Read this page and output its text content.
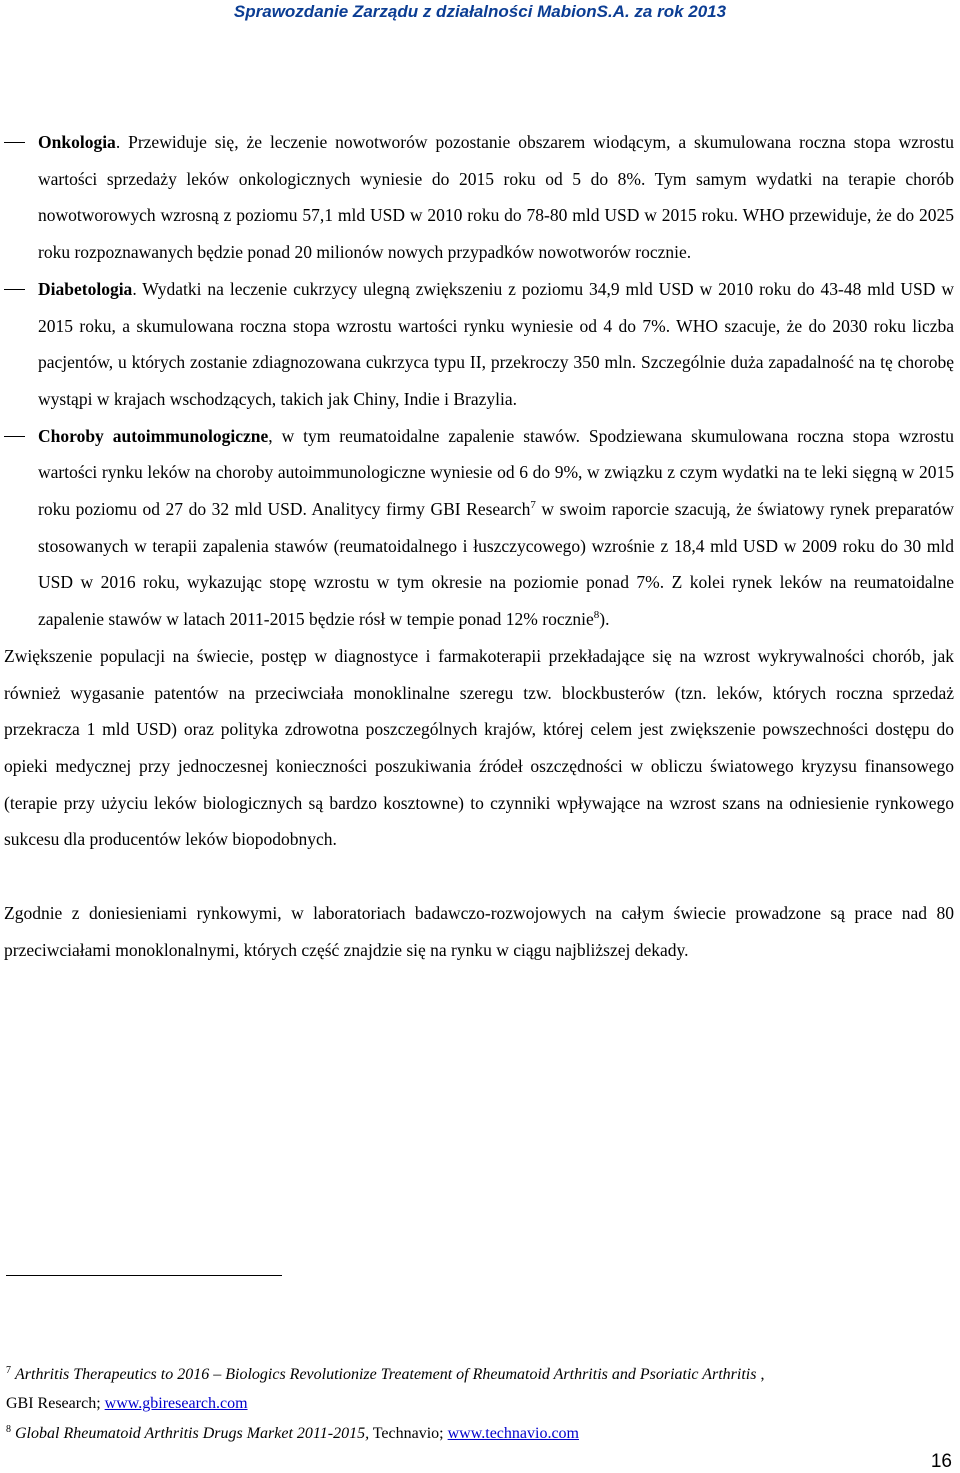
Sprawozdanie Zarządu z działalności MabionS.A. za rok 2013
Onkologia. Przewiduje się, że leczenie nowotworów pozostanie obszarem wiodącym, a skumulowana roczna stopa wzrostu wartości sprzedaży leków onkologicznych wyniesie do 2015 roku od 5 do 8%. Tym samym wydatki na terapie chorób nowotworowych wzrosną z poziomu 57,1 mld USD w 2010 roku do 78-80 mld USD w 2015 roku. WHO przewiduje, że do 2025 roku rozpoznawanych będzie ponad 20 milionów nowych przypadków nowotworów rocznie.
Diabetologia. Wydatki na leczenie cukrzycy ulegną zwiększeniu z poziomu 34,9 mld USD w 2010 roku do 43-48 mld USD w 2015 roku, a skumulowana roczna stopa wzrostu wartości rynku wyniesie od 4 do 7%. WHO szacuje, że do 2030 roku liczba pacjentów, u których zostanie zdiagnozowana cukrzyca typu II, przekroczy 350 mln. Szczególnie duża zapadalność na tę chorobę wystąpi w krajach wschodzących, takich jak Chiny, Indie i Brazylia.
Choroby autoimmunologiczne, w tym reumatoidalne zapalenie stawów. Spodziewana skumulowana roczna stopa wzrostu wartości rynku leków na choroby autoimmunologiczne wyniesie od 6 do 9%, w związku z czym wydatki na te leki sięgną w 2015 roku poziomu od 27 do 32 mld USD. Analitycy firmy GBI Research$^7$ w swoim raporcie szacują, że światowy rynek preparatów stosowanych w terapii zapalenia stawów (reumatoidalnego i łuszczycowego) wzrośnie z 18,4 mld USD w 2009 roku do 30 mld USD w 2016 roku, wykazując stopę wzrostu w tym okresie na poziomie ponad 7%. Z kolei rynek leków na reumatoidalne zapalenie stawów w latach 2011-2015 będzie rósł w tempie ponad 12% rocznie$^8$).

Zwiększenie populacji na świecie, postęp w diagnostyce i farmakoterapii przekładające się na wzrost wykrywalności chorób, jak również wygasanie patentów na przeciwciała monoklinalne szeregu tzw. blockbusterów (tzn. leków, których roczna sprzedaż przekracza 1 mld USD) oraz polityka zdrowotna poszczególnych krajów, której celem jest zwiększenie powszechności dostępu do opieki medycznej przy jednoczesnej konieczności poszukiwania źródeł oszczędności w obliczu światowego kryzysu finansowego (terapie przy użyciu leków biologicznych są bardzo kosztowne) to czynniki wpływające na wzrost szans na odniesienie rynkowego sukcesu dla producentów leków biopodobnych.

Zgodnie z doniesieniami rynkowymi, w laboratoriach badawczo-rozwojowych na całym świecie prowadzone są prace nad 80 przeciwciałami monoklonalnymi, których część znajdzie się na rynku w ciągu najbliższej dekady.

$^7$ Arthritis Therapeutics to 2016 – Biologics Revolutionize Treatement of Rheumatoid Arthritis and Psoriatic Arthritis ,
GBI Research; www.gbiresearch.com
$^8$ Global Rheumatoid Arthritis Drugs Market 2011-2015, Technavio; www.technavio.com
16
